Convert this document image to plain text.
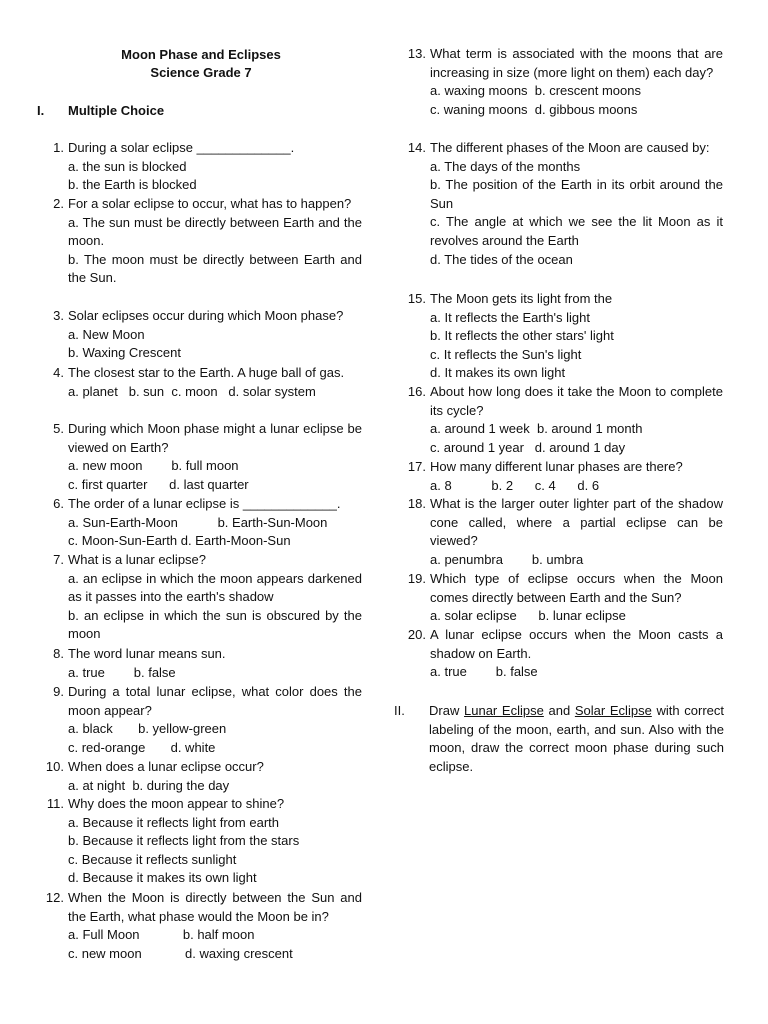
Moon Phase and Eclipses
Science Grade 7
I. Multiple Choice
1. During a solar eclipse _____________.
a. the sun is blocked
b. the Earth is blocked
2. For a solar eclipse to occur, what has to happen?
a. The sun must be directly between Earth and the moon.
b. The moon must be directly between Earth and the Sun.
3. Solar eclipses occur during which Moon phase?
a. New Moon
b. Waxing Crescent
4. The closest star to the Earth. A huge ball of gas.
a. planet   b. sun  c. moon   d. solar system
5. During which Moon phase might a lunar eclipse be viewed on Earth?
a. new moon        b. full moon
c. first quarter      d. last quarter
6. The order of a lunar eclipse is _____________.
a. Sun-Earth-Moon           b. Earth-Sun-Moon
c. Moon-Sun-Earth d. Earth-Moon-Sun
7. What is a lunar eclipse?
a. an eclipse in which the moon appears darkened as it passes into the earth's shadow
b. an eclipse in which the sun is obscured by the moon
8. The word lunar means sun.
a. true        b. false
9. During a total lunar eclipse, what color does the moon appear?
a. black       b. yellow-green
c. red-orange       d. white
10. When does a lunar eclipse occur?
a. at night  b. during the day
11. Why does the moon appear to shine?
a. Because it reflects light from earth
b. Because it reflects light from the stars
c. Because it reflects sunlight
d. Because it makes its own light
12. When the Moon is directly between the Sun and the Earth, what phase would the Moon be in?
a. Full Moon            b. half moon
c. new moon            d. waxing crescent
13. What term is associated with the moons that are increasing in size (more light on them) each day?
a. waxing moons  b. crescent moons
c. waning moons  d. gibbous moons
14. The different phases of the Moon are caused by:
a. The days of the months
b. The position of the Earth in its orbit around the Sun
c. The angle at which we see the lit Moon as it revolves around the Earth
d. The tides of the ocean
15. The Moon gets its light from the
a. It reflects the Earth's light
b. It reflects the other stars' light
c. It reflects the Sun's light
d. It makes its own light
16. About how long does it take the Moon to complete its cycle?
a. around 1 week  b. around 1 month
c. around 1 year   d. around 1 day
17. How many different lunar phases are there?
a. 8           b. 2      c. 4      d. 6
18. What is the larger outer lighter part of the shadow cone called, where a partial eclipse can be viewed?
a. penumbra        b. umbra
19. Which type of eclipse occurs when the Moon comes directly between Earth and the Sun?
a. solar eclipse      b. lunar eclipse
20. A lunar eclipse occurs when the Moon casts a shadow on Earth.
a. true        b. false
II. Draw Lunar Eclipse and Solar Eclipse with correct labeling of the moon, earth, and sun. Also with the moon, draw the correct moon phase during such eclipse.
